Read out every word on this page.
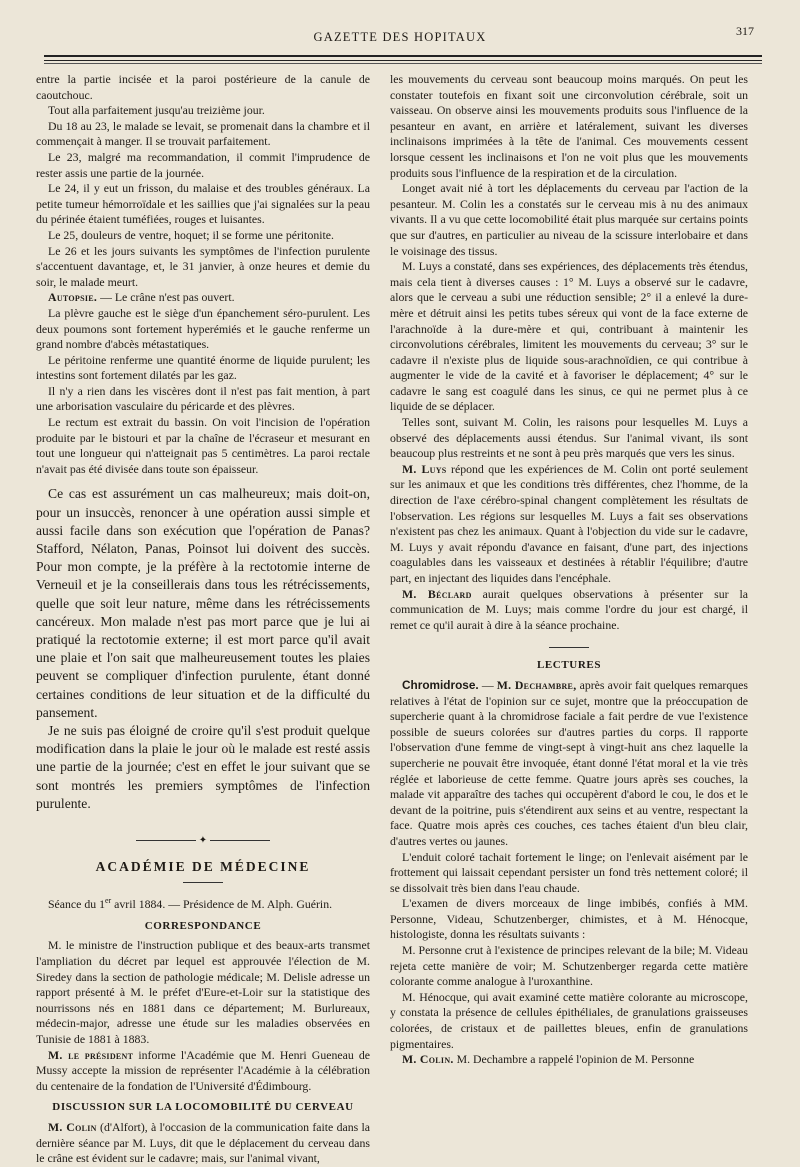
GAZETTE DES HOPITAUX	317

entre la partie incisée et la paroi postérieure de la canule de caoutchouc.

Tout alla parfaitement jusqu'au treizième jour.

Du 18 au 23, le malade se levait, se promenait dans la chambre et il commençait à manger. Il se trouvait parfaitement.

Le 23, malgré ma recommandation, il commit l'imprudence de rester assis une partie de la journée.

Le 24, il y eut un frisson, du malaise et des troubles généraux. La petite tumeur hémorroïdale et les saillies que j'ai signalées sur la peau du périnée étaient tuméfiées, rouges et luisantes.

Le 25, douleurs de ventre, hoquet; il se forme une péritonite.

Le 26 et les jours suivants les symptômes de l'infection purulente s'accentuent davantage, et, le 31 janvier, à onze heures et demie du soir, le malade meurt.

Autopsie. — Le crâne n'est pas ouvert.

La plèvre gauche est le siège d'un épanchement séro-purulent. Les deux poumons sont fortement hyperémiés et le gauche renferme un grand nombre d'abcès métastatiques.

Le péritoine renferme une quantité énorme de liquide purulent; les intestins sont fortement dilatés par les gaz.

Il n'y a rien dans les viscères dont il n'est pas fait mention, à part une arborisation vasculaire du péricarde et des plèvres.

Le rectum est extrait du bassin. On voit l'incision de l'opération produite par le bistouri et par la chaîne de l'écraseur et mesurant en tout une longueur qui n'atteignait pas 5 centimètres. La paroi rectale n'avait pas été divisée dans toute son épaisseur.

Ce cas est assurément un cas malheureux; mais doit-on, pour un insuccès, renoncer à une opération aussi simple et aussi facile dans son exécution que l'opération de Panas? Stafford, Nélaton, Panas, Poinsot lui doivent des succès. Pour mon compte, je la préfère à la rectotomie interne de Verneuil et je la conseillerais dans tous les rétrécissements, quelle que soit leur nature, même dans les rétrécissements cancéreux. Mon malade n'est pas mort parce que je lui ai pratiqué la rectotomie externe; il est mort parce qu'il avait une plaie et l'on sait que malheureusement toutes les plaies peuvent se compliquer d'infection purulente, étant donné certaines conditions de leur situation et de la difficulté du pansement.

Je ne suis pas éloigné de croire qu'il s'est produit quelque modification dans la plaie le jour où le malade est resté assis une partie de la journée; c'est en effet le jour suivant que se sont montrés les premiers symptômes de l'infection purulente.

✦
ACADÉMIE DE MÉDECINE

Séance du 1er avril 1884. — Présidence de M. Alph. Guérin.

CORRESPONDANCE

M. le ministre de l'instruction publique et des beaux-arts transmet l'ampliation du décret par lequel est approuvée l'élection de M. Siredey dans la section de pathologie médicale; M. Delisle adresse un rapport présenté à M. le préfet d'Eure-et-Loir sur la statistique des nourrissons nés en 1881 dans ce département; M. Burlureaux, médecin-major, adresse une étude sur les maladies observées en Tunisie de 1881 à 1883.

M. le président informe l'Académie que M. Henri Gueneau de Mussy accepte la mission de représenter l'Académie à la célébration du centenaire de la fondation de l'Université d'Édimbourg.

DISCUSSION SUR LA LOCOMOBILITÉ DU CERVEAU

M. Colin (d'Alfort), à l'occasion de la communication faite dans la dernière séance par M. Luys, dit que le déplacement du cerveau dans le crâne est évident sur le cadavre; mais, sur l'animal vivant,

les mouvements du cerveau sont beaucoup moins marqués. On peut les constater toutefois en fixant soit une circonvolution cérébrale, soit un vaisseau. On observe ainsi les mouvements produits sous l'influence de la pesanteur en avant, en arrière et latéralement, suivant les diverses inclinaisons imprimées à la tête de l'animal. Ces mouvements cessent lorsque cessent les inclinaisons et l'on ne voit plus que les mouvements produits sous l'influence de la respiration et de la circulation.

Longet avait nié à tort les déplacements du cerveau par l'action de la pesanteur. M. Colin les a constatés sur le cerveau mis à nu des animaux vivants. Il a vu que cette locomobilité était plus marquée sur certains points que sur d'autres, en particulier au niveau de la scissure interlobaire et dans le voisinage des tissus.

M. Luys a constaté, dans ses expériences, des déplacements très étendus, mais cela tient à diverses causes : 1° M. Luys a observé sur le cadavre, alors que le cerveau a subi une réduction sensible; 2° il a enlevé la dure-mère et détruit ainsi les petits tubes séreux qui vont de la face externe de l'arachnoïde à la dure-mère et qui, contribuant à maintenir les circonvolutions cérébrales, limitent les mouvements du cerveau; 3° sur le cadavre il n'existe plus de liquide sous-arachnoïdien, ce qui contribue à augmenter le vide de la cavité et à favoriser le déplacement; 4° sur le cadavre le sang est coagulé dans les sinus, ce qui ne permet plus à ce liquide de se déplacer.

Telles sont, suivant M. Colin, les raisons pour lesquelles M. Luys a observé des déplacements aussi étendus. Sur l'animal vivant, ils sont beaucoup plus restreints et ne sont à peu près marqués que vers les sinus.

M. Luys répond que les expériences de M. Colin ont porté seulement sur les animaux et que les conditions très différentes, chez l'homme, de la direction de l'axe cérébro-spinal changent complètement les résultats de l'observation. Les régions sur lesquelles M. Luys a fait ses observations n'existent pas chez les animaux. Quant à l'objection du vide sur le cadavre, M. Luys y avait répondu d'avance en faisant, d'une part, des injections coagulables dans les vaisseaux et destinées à rétablir l'équilibre; d'autre part, en injectant des liquides dans l'encéphale.

M. Béclard aurait quelques observations à présenter sur la communication de M. Luys; mais comme l'ordre du jour est chargé, il remet ce qu'il aurait à dire à la séance prochaine.

LECTURES

Chromidrose. — M. Dechambre, après avoir fait quelques remarques relatives à l'état de l'opinion sur ce sujet, montre que la préoccupation de supercherie quant à la chromidrose faciale a fait perdre de vue l'existence possible de sueurs colorées sur d'autres parties du corps. Il rapporte l'observation d'une femme de vingt-sept à vingt-huit ans chez laquelle la supercherie ne pouvait être invoquée, étant donné l'état moral et la vie très réglée et laborieuse de cette femme. Quatre jours après ses couches, la malade vit apparaître des taches qui occupèrent d'abord le cou, le dos et le devant de la poitrine, puis s'étendirent aux seins et au ventre, respectant la face. Quatre mois après ces couches, ces taches étaient d'un bleu clair, d'autres vertes ou jaunes.

L'enduit coloré tachait fortement le linge; on l'enlevait aisément par le frottement qui laissait cependant persister un fond très nettement coloré; il se dissolvait très bien dans l'eau chaude.

L'examen de divers morceaux de linge imbibés, confiés à MM. Personne, Videau, Schutzenberger, chimistes, et à M. Hénocque, histologiste, donna les résultats suivants :

M. Personne crut à l'existence de principes relevant de la bile; M. Videau rejeta cette manière de voir; M. Schutzenberger regarda cette matière colorante comme analogue à l'uroxanthine.

M. Hénocque, qui avait examiné cette matière colorante au microscope, y constata la présence de cellules épithéliales, de granulations graisseuses colorées, de cristaux et de paillettes bleues, enfin de granulations pigmentaires.

M. Colin. M. Dechambre a rappelé l'opinion de M. Personne
